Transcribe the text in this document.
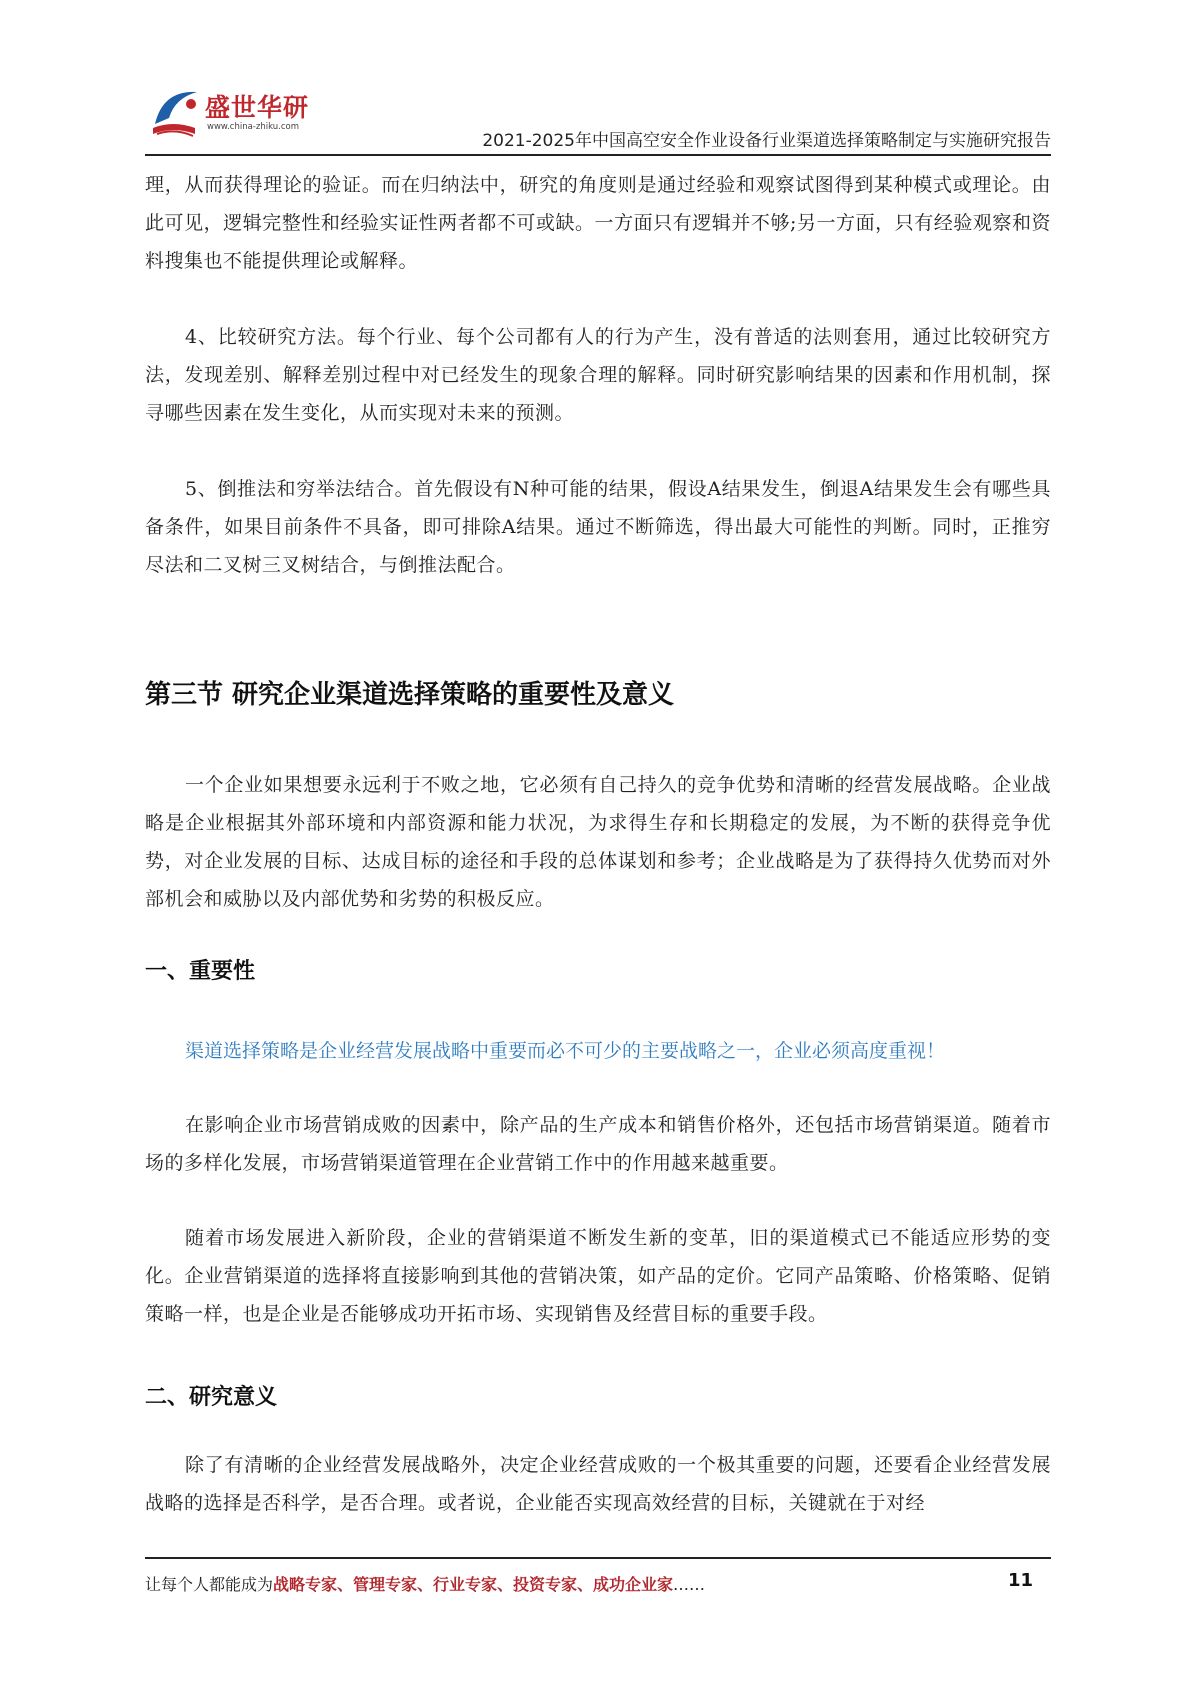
盛世华研
www.china-zhiku.com
2021-2025年中国高空安全作业设备行业渠道选择策略制定与实施研究报告

理，从而获得理论的验证。而在归纳法中，研究的角度则是通过经验和观察试图得到某种模式或理论。由此可见，逻辑完整性和经验实证性两者都不可或缺。一方面只有逻辑并不够;另一方面，只有经验观察和资料搜集也不能提供理论或解释。

4、比较研究方法。每个行业、每个公司都有人的行为产生，没有普适的法则套用，通过比较研究方法，发现差别、解释差别过程中对已经发生的现象合理的解释。同时研究影响结果的因素和作用机制，探寻哪些因素在发生变化，从而实现对未来的预测。

5、倒推法和穷举法结合。首先假设有N种可能的结果，假设A结果发生，倒退A结果发生会有哪些具备条件，如果目前条件不具备，即可排除A结果。通过不断筛选，得出最大可能性的判断。同时，正推穷尽法和二叉树三叉树结合，与倒推法配合。

第三节 研究企业渠道选择策略的重要性及意义

一个企业如果想要永远利于不败之地，它必须有自己持久的竞争优势和清晰的经营发展战略。企业战略是企业根据其外部环境和内部资源和能力状况，为求得生存和长期稳定的发展，为不断的获得竞争优势，对企业发展的目标、达成目标的途径和手段的总体谋划和参考；企业战略是为了获得持久优势而对外部机会和威胁以及内部优势和劣势的积极反应。

一、重要性

渠道选择策略是企业经营发展战略中重要而必不可少的主要战略之一，企业必须高度重视！

在影响企业市场营销成败的因素中，除产品的生产成本和销售价格外，还包括市场营销渠道。随着市场的多样化发展，市场营销渠道管理在企业营销工作中的作用越来越重要。

随着市场发展进入新阶段，企业的营销渠道不断发生新的变革，旧的渠道模式已不能适应形势的变化。企业营销渠道的选择将直接影响到其他的营销决策，如产品的定价。它同产品策略、价格策略、促销策略一样，也是企业是否能够成功开拓市场、实现销售及经营目标的重要手段。

二、研究意义

除了有清晰的企业经营发展战略外，决定企业经营成败的一个极其重要的问题，还要看企业经营发展战略的选择是否科学，是否合理。或者说，企业能否实现高效经营的目标，关键就在于对经

让每个人都能成为战略专家、管理专家、行业专家、投资专家、成功企业家……	11
